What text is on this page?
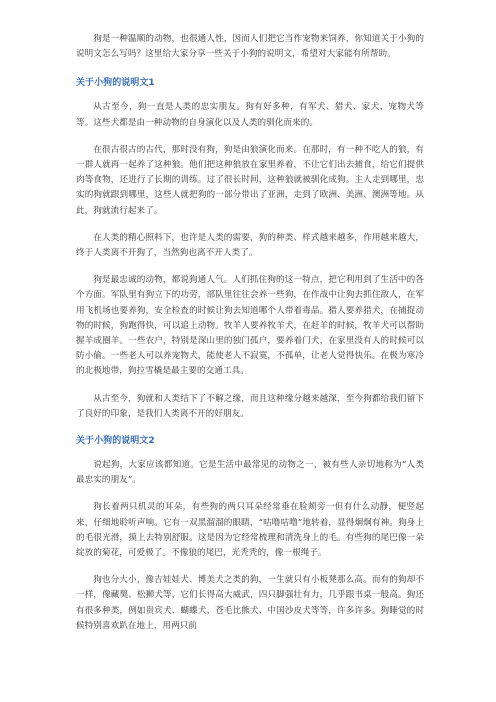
狗是一种温顺的动物，也很通人性，因而人们把它当作宠物来饲养，你知道关于小狗的说明文怎么写吗？这里给大家分享一些关于小狗的说明文，希望对大家能有所帮助。

关于小狗的说明文1

从古至今，狗一直是人类的忠实朋友。狗有好多种，有军犬、猎犬、家犬、宠物犬等等。这些犬都是由一种动物的自身演化以及人类的驯化而来的。

在很古很古的古代，那时没有狗，狗是由狼演化而来。在那时，有一种不吃人的狼，有一群人就再一起养了这种狼。他们把这种狼放在家里养着，不让它们出去捕食，给它们提供肉等食物，还进行了长期的训练。过了很长时间，这种狼就被驯化成狗。主人走到哪里，忠实的狗就跟到哪里，这些人就把狗的一部分带出了亚洲，走到了欧洲、美洲、澳洲等地。从此，狗就流行起来了。

在人类的精心照料下，也许是人类的需要，狗的种类、样式越来越多，作用越来越大，终于人类离不开狗了，当然狗也离不开人类了。

狗是最忠诚的动物，都说狗通人气。人们抓住狗的这一特点，把它利用到了生活中的各个方面。军队里有狗立下的功劳，部队里往往会养一些狗，在作战中让狗去抓住敌人，在军用飞机场也要养狗，安全检查的时候让狗去知道哪个人带着毒品。猎人要养猎犬，在捕捉动物的时候，狗跑得快，可以追上动物。牧羊人要养牧羊犬，在赶羊的时候，牧羊犬可以帮助握羊成圈羊。一些农户，特别是深山里的独门孤户，要养着门犬，在家里没有人的时候可以防小偷。一些老人可以养宠物犬，能使老人不寂寞，不孤单，让老人觉得快乐。在极为寒冷的北极地带，狗拉雪橇是最主要的交通工具。

从古至今，狗就和人类结下了不解之缘，而且这种缘分越来越深，至今狗都给我们留下了良好的印象，是我们人类离不开的好朋友。

关于小狗的说明文2

说起狗，大家应该都知道。它是生活中最常见的动物之一，被有些人亲切地称为“人类最忠实的朋友”。

狗长着两只机灵的耳朵，有些狗的两只耳朵经常垂在脸颊旁一但有什么动静，便竖起来，仔细地聆听声响。它有一双黑溜溜的眼睛，“咕噜咕噜”地转着，显得炯炯有神。狗身上的毛很光滑，摸上去特别舒服。这是因为它经常梳理和清洗身上的毛。有些狗的尾巴像一朵绽放的菊花，可爱极了。不像狼的尾巴，光秃秃的，像一根绳子。

狗也分大小，像吉娃娃犬、博美犬之类的狗，一生就只有小板凳那么高。而有的狗却不一样，像藏獒、松狮犬等，它们长得高大威武，四只脚强壮有力，几乎跟书桌一般高。狗还有很多种类，例如贵宾犬、蝴蝶犬、苍毛比熊犬、中国沙皮犬等等，许多许多。狗睡觉的时候特别喜欢趴在地上，用两只前
